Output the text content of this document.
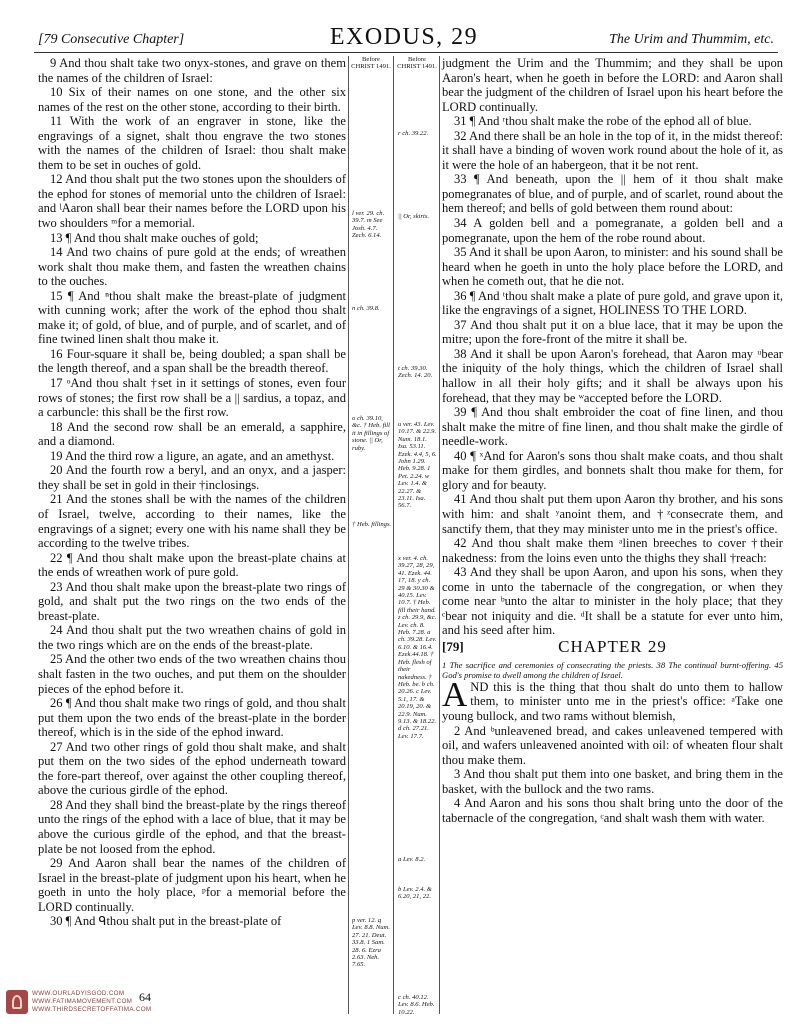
[79 Consecutive Chapter]	EXODUS, 29	The Urim and Thummim, etc.

9 And thou shalt take two onyx-stones, and grave on them the names of the children of Israel:

10 Six of their names on one stone, and the other six names of the rest on the other stone, according to their birth.

11 With the work of an engraver in stone, like the engravings of a signet, shalt thou engrave the two stones with the names of the children of Israel: thou shalt make them to be set in ouches of gold.

12 And thou shalt put the two stones upon the shoulders of the ephod for stones of memorial unto the children of Israel: and ᶩAaron shall bear their names before the LORD upon his two shoulders ᵐfor a memorial.

13 ¶ And thou shalt make ouches of gold;

14 And two chains of pure gold at the ends; of wreathen work shalt thou make them, and fasten the wreathen chains to the ouches.

15 ¶ And ⁿthou shalt make the breast-plate of judgment with cunning work; after the work of the ephod thou shalt make it; of gold, of blue, and of purple, and of scarlet, and of fine twined linen shalt thou make it.

16 Four-square it shall be, being doubled; a span shall be the length thereof, and a span shall be the breadth thereof.

17 ᵒAnd thou shalt †set in it settings of stones, even four rows of stones; the first row shall be a || sardius, a topaz, and a carbuncle: this shall be the first row.

18 And the second row shall be an emerald, a sapphire, and a diamond.

19 And the third row a ligure, an agate, and an amethyst.

20 And the fourth row a beryl, and an onyx, and a jasper: they shall be set in gold in their †inclosings.

21 And the stones shall be with the names of the children of Israel, twelve, according to their names, like the engravings of a signet; every one with his name shall they be according to the twelve tribes.

22 ¶ And thou shalt make upon the breast-plate chains at the ends of wreathen work of pure gold.

23 And thou shalt make upon the breast-plate two rings of gold, and shalt put the two rings on the two ends of the breast-plate.

24 And thou shalt put the two wreathen chains of gold in the two rings which are on the ends of the breast-plate.

25 And the other two ends of the two wreathen chains thou shalt fasten in the two ouches, and put them on the shoulder pieces of the ephod before it.

26 ¶ And thou shalt make two rings of gold, and thou shalt put them upon the two ends of the breast-plate in the border thereof, which is in the side of the ephod inward.

27 And two other rings of gold thou shalt make, and shalt put them on the two sides of the ephod underneath toward the fore-part thereof, over against the other coupling thereof, above the curious girdle of the ephod.

28 And they shall bind the breast-plate by the rings thereof unto the rings of the ephod with a lace of blue, that it may be above the curious girdle of the ephod, and that the breast-plate be not loosed from the ephod.

29 And Aaron shall bear the names of the children of Israel in the breast-plate of judgment upon his heart, when he goeth in unto the holy place, ᵖfor a memorial before the LORD continually.

30 ¶ And ᑫthou shalt put in the breast-plate of

Before CHRIST 1491.
Before CHRIST 1491.
r ch. 39.22.
l ver. 29. ch. 39.7. m See Josh. 4.7. Zech. 6.14.
|| Or, skirts.
n ch. 39.8.
t ch. 39.30. Zech. 14. 20.
o ch. 39.10, &c. † Heb. fill it in fillings of stone. || Or, ruby.
u ver. 43. Lev. 10.17. & 22.9. Num. 18.1. Isa. 53.11. Ezek. 4.4, 5, 6. John 1.29. Heb. 9.28. 1 Pet. 2.24. w Lev. 1.4. & 22.27. & 23.11. Isa. 56.7.
† Heb. fillings.
x ver. 4. ch. 39.27, 28, 29, 41. Ezek. 44. 17, 18. y ch. 29 & 30.30 & 40.15. Lev. 10.7. † Heb. fill their hand. z ch. 29.9, &c. Lev. ch. 8. Heb. 7.28. a ch. 39.28. Lev. 6.10. & 16.4. Ezek.44.18. † Heb. flesh of their nakedness. † Heb. be. b ch. 20.26. c Lev. 5.1, 17. & 20.19, 20. & 22.9. Num. 9.13. & 18.22. d ch. 27.21. Lev. 17.7.
a Lev. 8.2.
b Lev. 2.4. & 6.20, 21, 22.
p ver. 12. q Lev. 8.8. Num. 27. 21. Deut. 33.8. 1 Sam. 28. 6. Ezra 2.63. Neh. 7.65.
c ch. 40.12. Lev. 8.6. Heb. 10.22.

judgment the Urim and the Thummim; and they shall be upon Aaron's heart, when he goeth in before the LORD: and Aaron shall bear the judgment of the children of Israel upon his heart before the LORD continually.

31 ¶ And ʳthou shalt make the robe of the ephod all of blue.

32 And there shall be an hole in the top of it, in the midst thereof: it shall have a binding of woven work round about the hole of it, as it were the hole of an habergeon, that it be not rent.

33 ¶ And beneath, upon the || hem of it thou shalt make pomegranates of blue, and of purple, and of scarlet, round about the hem thereof; and bells of gold between them round about:

34 A golden bell and a pomegranate, a golden bell and a pomegranate, upon the hem of the robe round about.

35 And it shall be upon Aaron, to minister: and his sound shall be heard when he goeth in unto the holy place before the LORD, and when he cometh out, that he die not.

36 ¶ And ᵗthou shalt make a plate of pure gold, and grave upon it, like the engravings of a signet, HOLINESS TO THE LORD.

37 And thou shalt put it on a blue lace, that it may be upon the mitre; upon the fore-front of the mitre it shall be.

38 And it shall be upon Aaron's forehead, that Aaron may ᵘbear the iniquity of the holy things, which the children of Israel shall hallow in all their holy gifts; and it shall be always upon his forehead, that they may be ʷaccepted before the LORD.

39 ¶ And thou shalt embroider the coat of fine linen, and thou shalt make the mitre of fine linen, and thou shalt make the girdle of needle-work.

40 ¶ ˣAnd for Aaron's sons thou shalt make coats, and thou shalt make for them girdles, and bonnets shalt thou make for them, for glory and for beauty.

41 And thou shalt put them upon Aaron thy brother, and his sons with him: and shalt ʸanoint them, and †ᶻconsecrate them, and sanctify them, that they may minister unto me in the priest's office.

42 And thou shalt make them ᵃlinen breeches to cover †their nakedness: from the loins even unto the thighs they shall †reach:

43 And they shall be upon Aaron, and upon his sons, when they come in unto the tabernacle of the congregation, or when they come near ᵇunto the altar to minister in the holy place; that they ᶜbear not iniquity and die. ᵈIt shall be a statute for ever unto him, and his seed after him.

[79]	CHAPTER 29

1 The sacrifice and ceremonies of consecrating the priests. 38 The continual burnt-offering. 45 God's promise to dwell among the children of Israel.

A ND this is the thing that thou shalt do unto them to hallow them, to minister unto me in the priest's office: ᵃTake one young bullock, and two rams without blemish,

2 And ᵇunleavened bread, and cakes unleavened tempered with oil, and wafers unleavened anointed with oil: of wheaten flour shalt thou make them.

3 And thou shalt put them into one basket, and bring them in the basket, with the bullock and the two rams.

4 And Aaron and his sons thou shalt bring unto the door of the tabernacle of the congregation, ᶜand shalt wash them with water.

WWW.OURLADYISGOD.COM
WWW.FATIMAMOVEMENT.COM
WWW.THIRDSECRETOFFATIMA.COM
64
